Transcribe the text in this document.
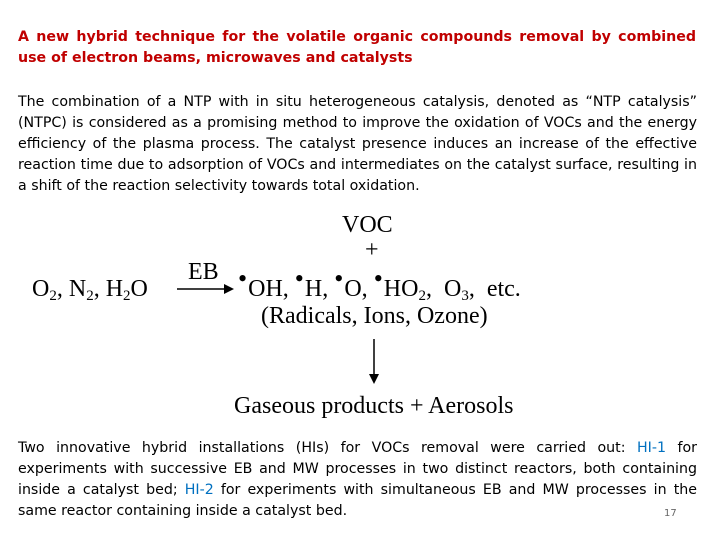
A new hybrid technique for the volatile organic compounds removal by combined use of electron beams, microwaves and catalysts
The combination of a NTP with in situ heterogeneous catalysis, denoted as “NTP catalysis” (NTPC) is considered as a promising method to improve the oxidation of VOCs and the energy efficiency of the plasma process. The catalyst presence induces an increase of the effective reaction time due to adsorption of VOCs and intermediates on the catalyst surface, resulting in a shift of the reaction selectivity towards total oxidation.
VOC
+
$O_2$, $N_2$, $H_2O$
EB •OH, •H, •O, $•HO_2$, $O_3$, etc.
(Radicals, Ions, Ozone)
Gaseous products + Aerosols
Two innovative hybrid installations (HIs) for VOCs removal were carried out: HI-1 for experiments with successive EB and MW processes in two distinct reactors, both containing inside a catalyst bed; HI-2 for experiments with simultaneous EB and MW processes in the same reactor containing inside a catalyst bed.	17
